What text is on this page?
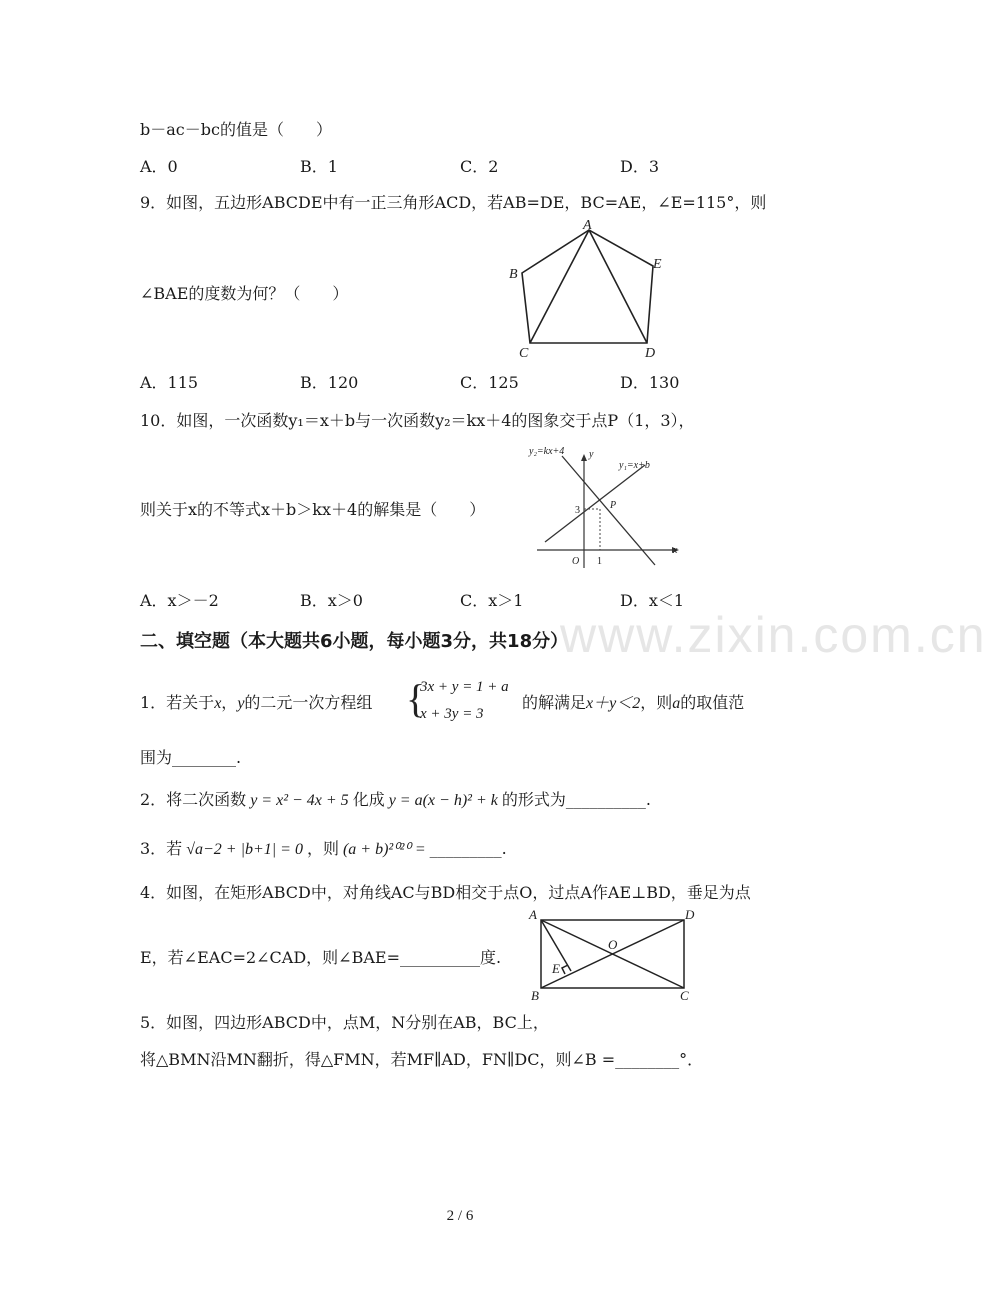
www.zixin.com.cn
b－ac－bc的值是（　　）
A．0	B．1	C．2	D．3
9．如图，五边形ABCDE中有一正三角形ACD，若AB=DE，BC=AE，∠E=115°，则
∠BAE的度数为何？（　　）
A
B
C	D
E
A．115	B．120	C．125	D．130
10．如图，一次函数y₁＝x＋b与一次函数y₂＝kx＋4的图象交于点P（1，3），
则关于x的不等式x＋b＞kx＋4的解集是（　　）
y₂=kx+4 y
y₁=x+b
P
3
O 1
x
A．x＞－2	B．x＞0	C．x＞1	D．x＜1
二、填空题（本大题共6小题，每小题3分，共18分）
1．若关于x，y的二元一次方程组 {
3x + y = 1 + a
x + 3y = 3
的解满足x＋y＜2，则a的取值范
围为________.
2．将二次函数 y = x² − 4x + 5 化成 y = a(x − h)² + k 的形式为__________.
3．若 √a−2 + |b+1| = 0 ，则 (a + b)²⁰²⁰ = _________.
4．如图，在矩形ABCD中，对角线AC与BD相交于点O，过点A作AE⊥BD，垂足为点
E，若∠EAC=2∠CAD，则∠BAE=__________度.
A	D
O
E
B	C
5．如图，四边形ABCD中，点M，N分别在AB，BC上，
将△BMN沿MN翻折，得△FMN，若MF∥AD，FN∥DC，则∠B =________°．
2 / 6
